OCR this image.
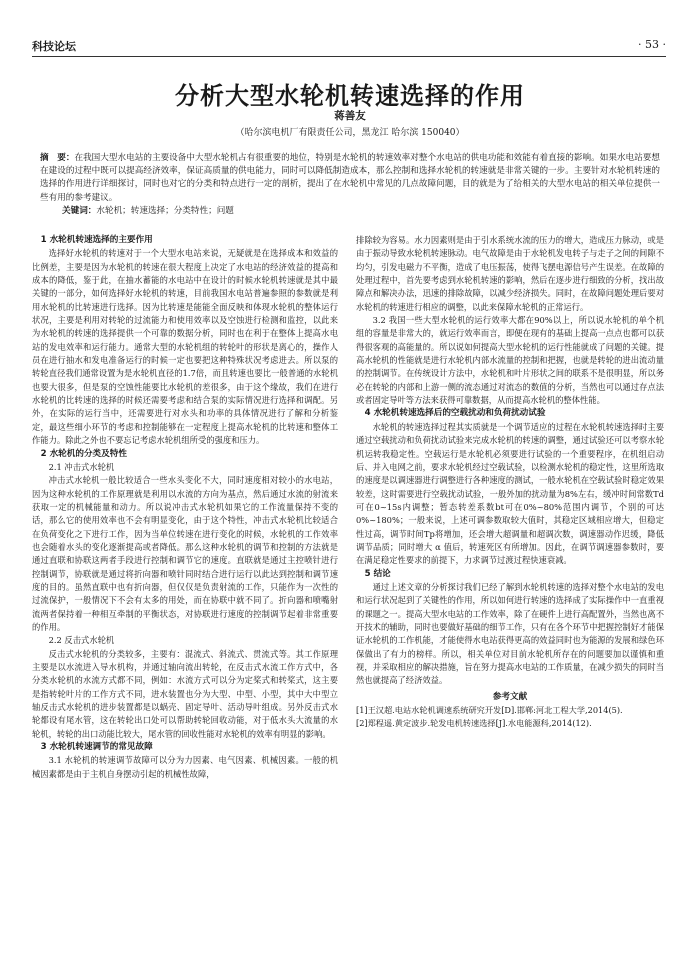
科技论坛	· 53 ·
分析大型水轮机转速选择的作用
蒋善友
（哈尔滨电机厂有限责任公司，黑龙江 哈尔滨 150040）
摘　要：在我国大型水电站的主要设备中大型水轮机占有很重要的地位，特别是水轮机的转速效率对整个水电站的供电功能和效能有着直接的影响。如果水电站要想在建设的过程中既可以提高经济效率，保证高质量的供电能力，同时可以降低制造成本，那么控制和选择水轮机的转速就是非常关键的一步。主要针对水轮机转速的选择的作用进行详细探讨，同时也对它的分类和特点进行一定的剖析，提出了在水轮机中常见的几点故障问题，目的就是为了给相关的大型水电站的相关单位提供一些有用的参考建议。
关键词：水轮机；转速选择；分类特性；问题
1 水轮机转速选择的主要作用

选择好水轮机的转速对于一个大型水电站来说，无疑就是在选择成本和效益的比例差，主要是因为水轮机的转速在很大程度上决定了水电站的经济效益的提高和成本的降低，鉴于此，在抽水蓄能的水电站中在设计的时候水轮机转速就是其中最关键的一部分，如何选择好水轮机的转速，目前我国水电站普遍参照的参数就是利用水轮机的比转速进行选择。因为比转速是能能全面反映和体现水轮机的整体运行状况，主要是利用对转轮的过流能力和使用效率以及空蚀进行检测和监控，以此来为水轮机的转速的选择提供一个可靠的数据分析，同时也在利于在整体上提高水电站的发电效率和运行能力。通常大型的水轮机组的转轮叶的形状是离心的，操作人员在进行抽水和发电准备运行的时候一定也要把这种特殊状况考虑进去。所以泵的转轮直径我们通常设置为是水轮机直径的1.7倍，而且转速也要比一般普通的水轮机也要大很多，但是泵的空蚀性能要比水轮机的差很多，由于这个缘故，我们在进行水轮机的比转速的选择的时候还需要考虑和结合泵的实际情况进行选择和调配。另外，在实际的运行当中，还需要进行对水头和功率的具体情况进行了解和分析鉴定，最这些细小环节的考虑和控制能够在一定程度上提高水轮机的比转速和整体工作能力。除此之外也不要忘记考虑水轮机组所受的强度和压力。

2 水轮机的分类及特性
2.1 冲击式水轮机

冲击式水轮机一般比较适合一些水头变化不大，同时速度相对较小的水电站，因为这种水轮机的工作原理就是利用以水流的方向为基点，然后通过水流的射流来获取一定的机械能量和动力。所以说冲击式水轮机如果它的工作流量保持不变的话，那么它的使用效率也不会有明显变化，由于这个特性，冲击式水轮机比较适合在负荷变化之下进行工作，因为当单位转速在进行变化的时候，水轮机的工作效率也会随着水头的变化逐渐提高或者降低。那么这种水轮机的调节和控制的方法就是通过直联和协联这两者手段进行控制和调节它的速度。直联就是通过主控喷针进行控制调节，协联就是通过将折向器和喷针同时结合进行运行以此达到控制和调节速度的目的。虽然直联中也有折向器，但仅仅是负责射流的工作，只能作为一次性的过流保护，一般情况下不会有太多的用处，而在协联中就不同了。折向器和喷嘴射流两者保持着一种相互牵制的平衡状态，对协联进行速度的控制调节起着非常重要的作用。

2.2 反击式水轮机

反击式水轮机的分类较多，主要有：混流式、斜流式、贯流式等。其工作原理主要是以水流进入导水机构，并通过轴向流出转轮，在反击式水流工作方式中，各分类水轮机的水流方式都不同，例如：水流方式可以分为定桨式和转桨式，这主要是指转轮叶片的工作方式不同，进水装置也分为大型、中型、小型，其中大中型立轴反击式水轮机的进步装置都是以蜗壳、固定导叶、活动导叶组成。另外反击式水轮都设有尾水管，这在转轮出口处可以帮助转轮回收动能，对于低水头大流量的水轮机，转轮的出口动能比较大，尾水管的回收性能对水轮机的效率有明显的影响。

3 水轮机转速调节的常见故障

3.1 水轮机的转速调节故障可以分为力因素、电气因素、机械因素。一般的机械因素都是由于主机自身摆动引起的机械性故障，

排除较为容易。水力因素则是由于引水系统水流的压力的增大，造成压力脉动，或是由于振动导致水轮机转速脉动。电气故障是由于水轮机发电转子与走子之间的间隙不均匀，引发电磁力不平衡，造成了电压振荡，使得飞摆电源信号产生误差。在故障的处理过程中，首先要考虑到水轮机转速的影响，然后在逐步进行细致的分析，找出故障点和解决办法，迅速的排除故障，以减少经济损失。同时，在故障问题处理后要对水轮机的转速进行相应的调整，以此来保障水轮机的正常运行。

3.2 我国一些大型水轮机的运行效率大都在90%以上，所以说水轮机的单个机组的容量是非常大的，就运行效率而言，即便在现有的基础上提高一点点也都可以获得很客观的高能量的。所以说如何提高大型水轮机的运行性能就成了问题的关键。提高水轮机的性能就是进行水轮机内部水流量的控制和把握，也就是转轮的进出流动量的控制调节。在传统设计方法中，水轮机和叶片形状之间的联系不是很明显，所以务必在转轮的内部和上游一侧的流态通过对流态的数值的分析，当然也可以通过存点法或者固定导叶等方法来获得可靠数据，从而提高水轮机的整体性能。

4 水轮机转速选择后的空载扰动和负荷扰动试验

水轮机的转速选择过程其实质就是一个调节适应的过程在水轮机转速选择时主要通过空载扰动和负荷扰动试验来完成水轮机的转速的调整，通过试验还可以考察水轮机运转我稳定性。空载运行是水轮机必须要进行试验的一个重要程序，在机组启动后、并入电网之前，要求水轮机经过空载试验，以检测水轮机的稳定性，这里所选取的速度是以调速器进行调整进行各种速度的测试，一般水轮机在空载试验时稳定效果较差，这时需要进行空载扰动试验，一般外加的扰动量为8%左右，缓冲时间常数Td可在0~15s内调整；暂态转差系数bt可在0%~80%范围内调节，个别的可达0%~180%；一般来说，上述可调参数取较大值时，其稳定区域相应增大，但稳定性过高，调节时间Tp将增加，还会增大超调量和超调次数，调速器动作迟缓，降低调节品质；同时增大 α 值后，转速死区有所增加。因此，在调节调速器参数时，要在满足稳定性要求的前提下，力求调节过渡过程快速衰减。

5 结论

通过上述文章的分析探讨我们已经了解到水轮机转速的选择对整个水电站的发电和运行状况起到了关键性的作用，所以如何进行转速的选择成了实际操作中一直重视的课题之一。提高大型水电站的工作效率，除了在硬件上进行高配置外，当然也离不开技术的辅助，同时也要做好基础的细节工作，只有在各个环节中把握控制好才能保证水轮机的工作机能，才能使得水电站获得更高的效益同时也为能源的发展和绿色环保做出了有力的榜样。所以，相关单位对目前水轮机所存在的问题要加以谨慎和重视，并采取相应的解决措施，旨在努力提高水电站的工作质量，在减少损失的同时当然也就提高了经济效益。

参考文献

[1]王汉超.电站水轮机调速系统研究开发[D].邯郸:河北工程大学,2014(5).

[2]郑程遥.黄定波步.轮发电机转速选择[J].水电能源科,2014(12).
